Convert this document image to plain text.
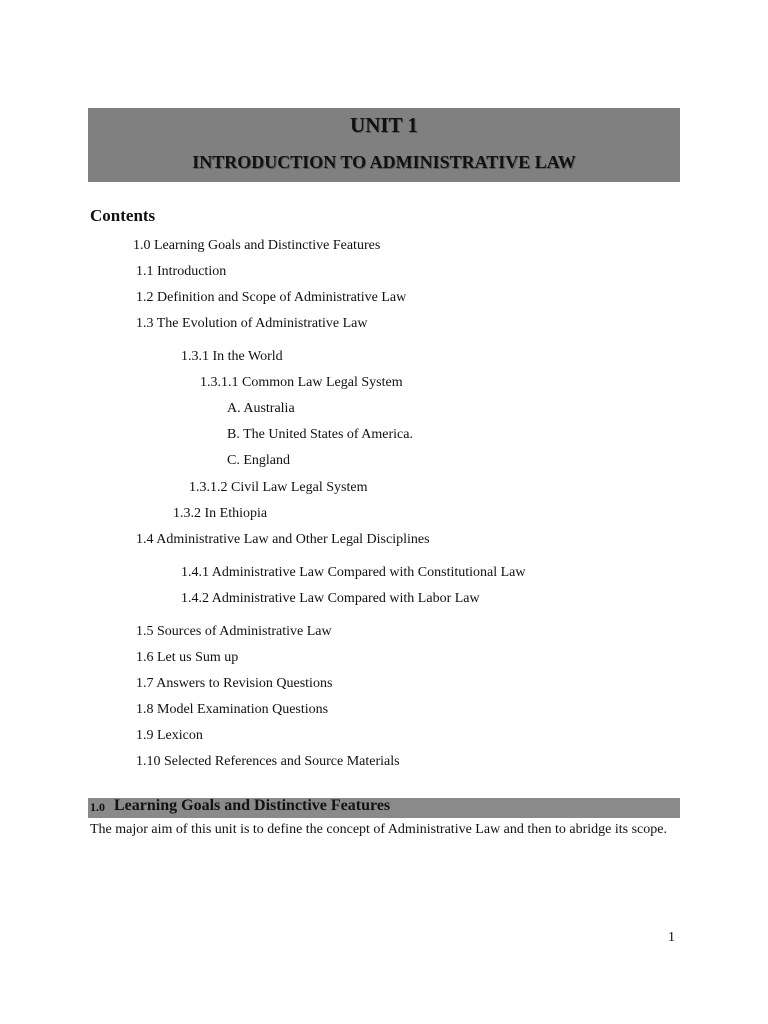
UNIT 1
INTRODUCTION TO ADMINISTRATIVE LAW
Contents
1.0 Learning Goals and Distinctive Features
1.1 Introduction
1.2 Definition and Scope of Administrative Law
1.3 The Evolution of Administrative Law
1.3.1 In the World
1.3.1.1 Common Law Legal System
A. Australia
B. The United States of America.
C. England
1.3.1.2 Civil Law Legal System
1.3.2 In Ethiopia
1.4 Administrative Law and Other Legal Disciplines
1.4.1 Administrative Law Compared with Constitutional Law
1.4.2 Administrative Law Compared with Labor Law
1.5 Sources of Administrative Law
1.6 Let us Sum up
1.7 Answers to Revision Questions
1.8 Model Examination Questions
1.9 Lexicon
1.10 Selected References and Source Materials
1.0 Learning Goals and Distinctive Features
The major aim of this unit is to define the concept of Administrative Law and then to abridge its scope.
1
